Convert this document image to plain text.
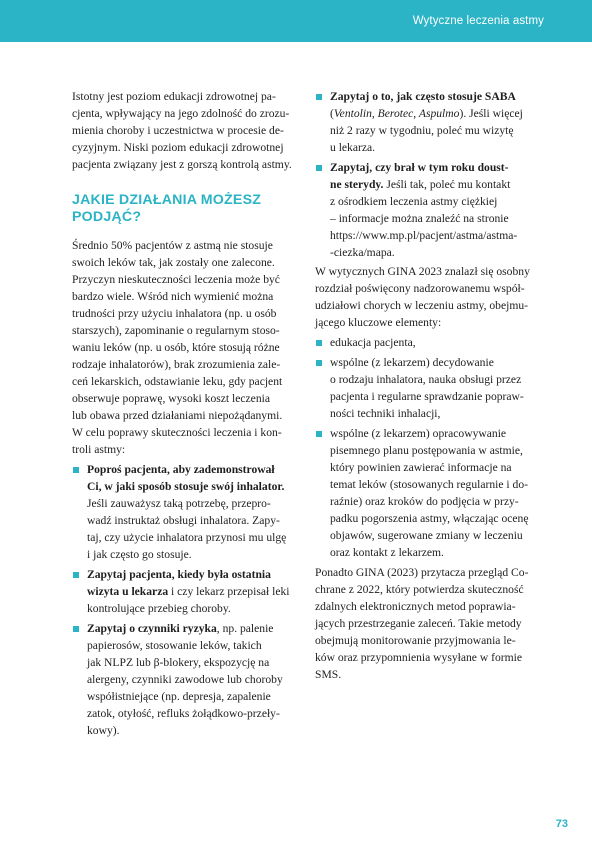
Wytyczne leczenia astmy

Istotny jest poziom edukacji zdrowotnej pa-
cjenta, wpływający na jego zdolność do zrozu-
mienia choroby i uczestnictwa w procesie de-
cyzyjnym. Niski poziom edukacji zdrowotnej
pacjenta związany jest z gorszą kontrolą astmy.

JAKIE DZIAŁANIA MOŻESZ
PODJĄĆ?

Średnio 50% pacjentów z astmą nie stosuje
swoich leków tak, jak zostały one zalecone.
Przyczyn nieskuteczności leczenia może być
bardzo wiele. Wśród nich wymienić można
trudności przy użyciu inhalatora (np. u osób
starszych), zapominanie o regularnym stoso-
waniu leków (np. u osób, które stosują różne
rodzaje inhalatorów), brak zrozumienia zale-
ceń lekarskich, odstawianie leku, gdy pacjent
obserwuje poprawę, wysoki koszt leczenia
lub obawa przed działaniami niepożądanymi.
W celu poprawy skuteczności leczenia i kon-
troli astmy:

Poproś pacjenta, aby zademonstrował
Ci, w jaki sposób stosuje swój inhalator.
Jeśli zauważysz taką potrzebę, przepro-
wadź instruktaż obsługi inhalatora. Zapy-
taj, czy użycie inhalatora przynosi mu ulgę
i jak często go stosuje.
Zapytaj pacjenta, kiedy była ostatnia
wizyta u lekarza i czy lekarz przepisał leki
kontrolujące przebieg choroby.
Zapytaj o czynniki ryzyka, np. palenie
papierosów, stosowanie leków, takich
jak NLPZ lub β-blokery, ekspozycję na
alergeny, czynniki zawodowe lub choroby
współistniejące (np. depresja, zapalenie
zatok, otyłość, refluks żołądkowo-przeły-
kowy).
Zapytaj o to, jak często stosuje SABA
(Ventolin, Berotec, Aspulmo). Jeśli więcej
niż 2 razy w tygodniu, poleć mu wizytę
u lekarza.
Zapytaj, czy brał w tym roku doust-
ne sterydy. Jeśli tak, poleć mu kontakt
z ośrodkiem leczenia astmy ciężkiej
– informacje można znaleźć na stronie
https://www.mp.pl/pacjent/astma/astma-
-ciezka/mapa.

W wytycznych GINA 2023 znalazł się osobny
rozdział poświęcony nadzorowanemu współ-
udziałowi chorych w leczeniu astmy, obejmu-
jącego kluczowe elementy:

edukacja pacjenta,
wspólne (z lekarzem) decydowanie
o rodzaju inhalatora, nauka obsługi przez
pacjenta i regularne sprawdzanie popraw-
ności techniki inhalacji,
wspólne (z lekarzem) opracowywanie
pisemnego planu postępowania w astmie,
który powinien zawierać informacje na
temat leków (stosowanych regularnie i do-
raźnie) oraz kroków do podjęcia w przy-
padku pogorszenia astmy, włączając ocenę
objawów, sugerowane zmiany w leczeniu
oraz kontakt z lekarzem.

Ponadto GINA (2023) przytacza przegląd Co-
chrane z 2022, który potwierdza skuteczność
zdalnych elektronicznych metod poprawia-
jących przestrzeganie zaleceń. Takie metody
obejmują monitorowanie przyjmowania le-
ków oraz przypomnienia wysyłane w formie
SMS.

73
